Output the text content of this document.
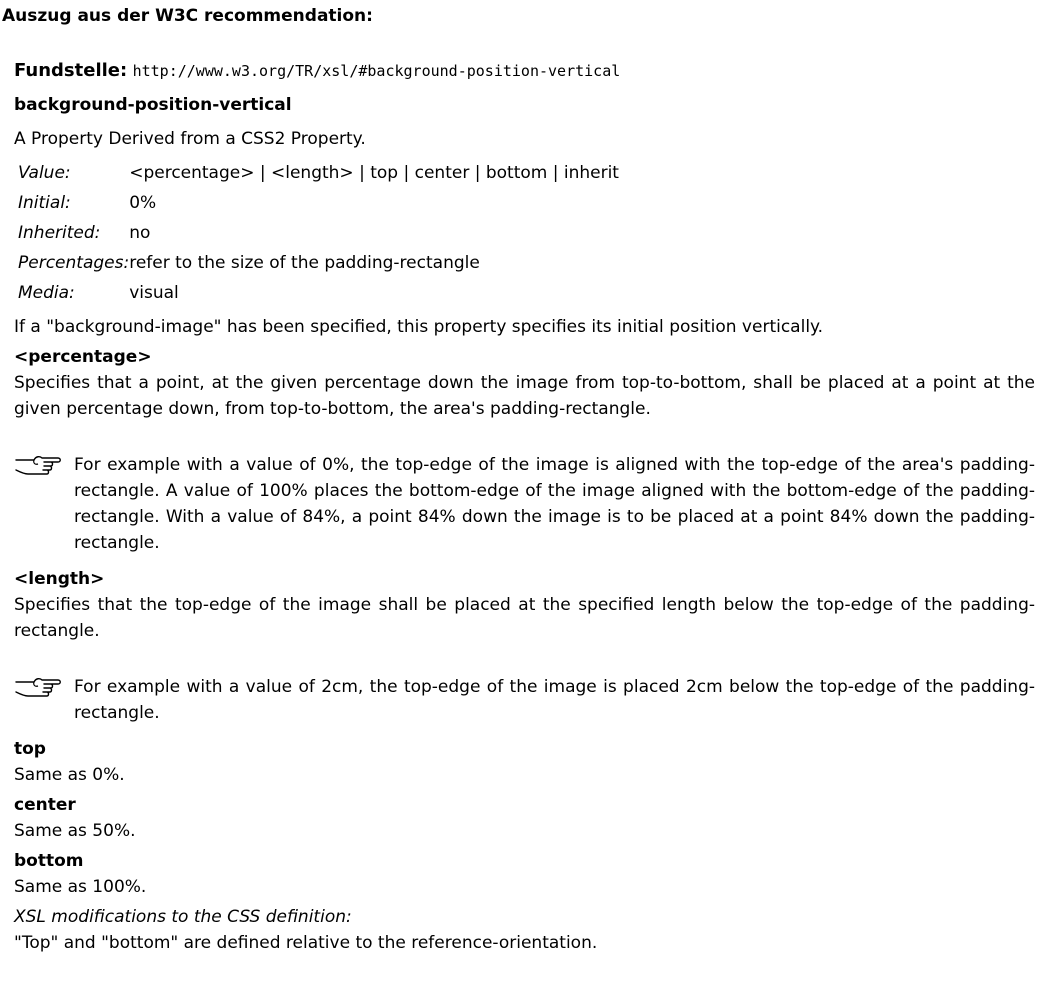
Auszug aus der W3C recommendation:
Fundstelle: http://www.w3.org/TR/xsl/#background-position-vertical
background-position-vertical
A Property Derived from a CSS2 Property.
Value:	<percentage> | <length> | top | center | bottom | inherit
Initial:	0%
Inherited:	no
Percentages:	refer to the size of the padding-rectangle
Media:	visual

If a "background-image" has been specified, this property specifies its initial position vertically.

<percentage>

Specifies that a point, at the given percentage down the image from top-to-bottom, shall be placed at a point at the given percentage down, from top-to-bottom, the area's padding-rectangle.

For example with a value of 0%, the top-edge of the image is aligned with the top-edge of the area's padding-rectangle. A value of 100% places the bottom-edge of the image aligned with the bottom-edge of the padding-rectangle. With a value of 84%, a point 84% down the image is to be placed at a point 84% down the padding-rectangle.
<length>

Specifies that the top-edge of the image shall be placed at the specified length below the top-edge of the padding-rectangle.

For example with a value of 2cm, the top-edge of the image is placed 2cm below the top-edge of the padding-rectangle.
top

Same as 0%.

center

Same as 50%.

bottom

Same as 100%.

XSL modifications to the CSS definition:

"Top" and "bottom" are defined relative to the reference-orientation.
